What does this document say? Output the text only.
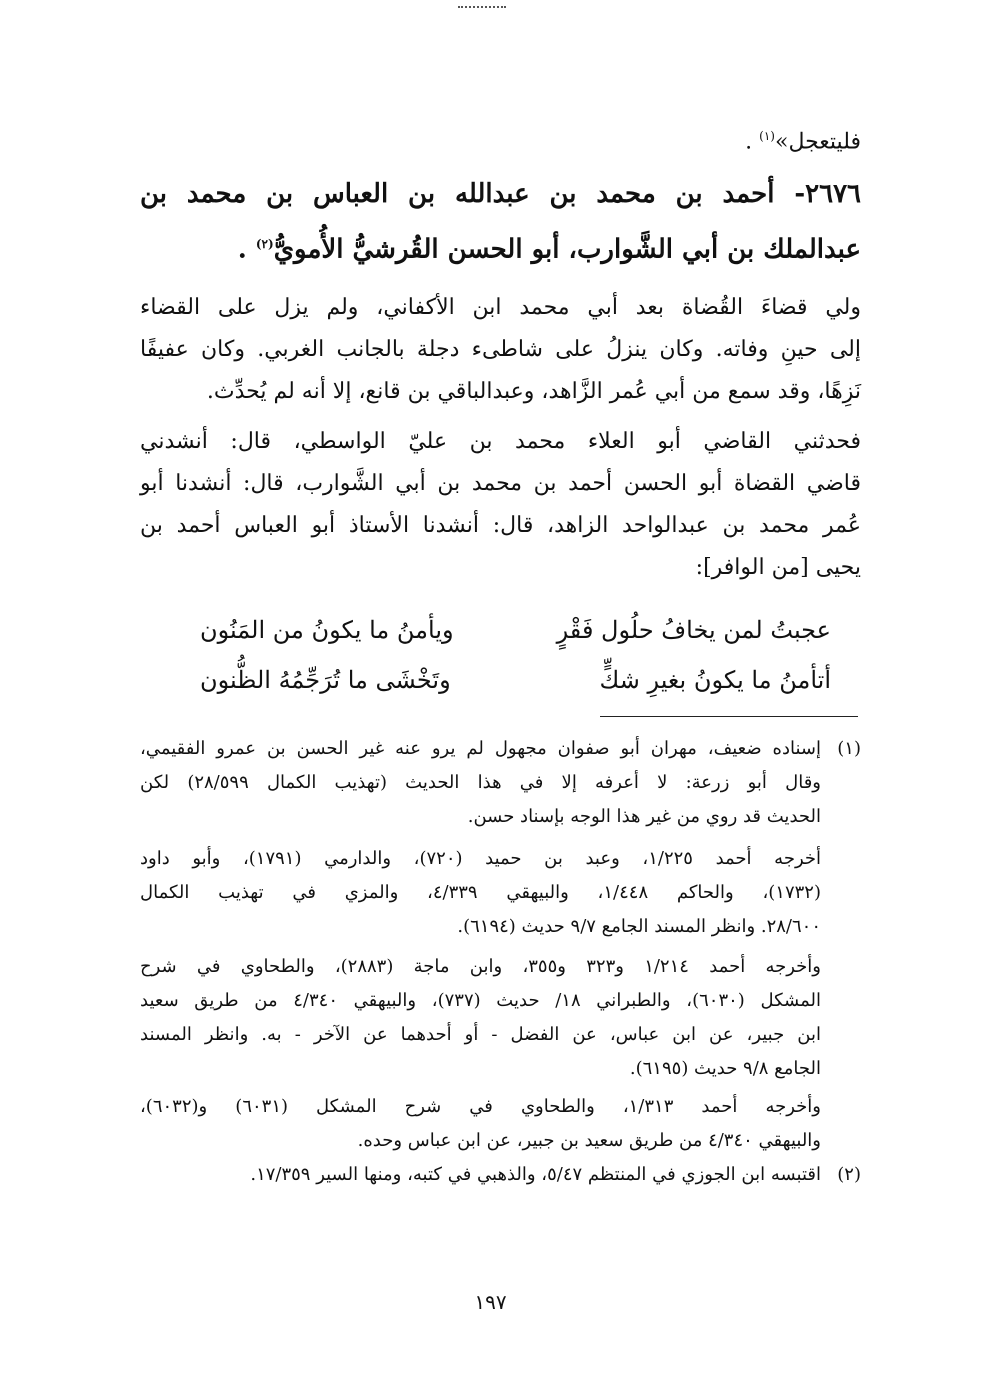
فليتعجل»$^{(١)}$ .
٢٦٧٦- أحمد بن محمد بن عبدالله بن العباس بن محمد بن
عبدالملك بن أبي الشَّوارب، أبو الحسن القُرشيُّ الأُمويُّ$^{(٢)}$ .
ولي قضاءَ القُضاة بعد أبي محمد ابن الأكفاني، ولم يزل على القضاء
إلى حينِ وفاته. وكان ينزلُ على شاطىء دجلة بالجانب الغربي. وكان عفيفًا
نَزِهًا، وقد سمع من أبي عُمر الزَّاهد، وعبدالباقي بن قانع، إلا أنه لم يُحدِّث.
فحدثني القاضي أبو العلاء محمد بن عليّ الواسطي، قال: أنشدني
قاضي القضاة أبو الحسن أحمد بن محمد بن أبي الشَّوارب، قال: أنشدنا أبو
عُمر محمد بن عبدالواحد الزاهد، قال: أنشدنا الأستاذ أبو العباس أحمد بن
يحيى [من الوافر]:
عجبتُ لمن يخافُ حلُول فَقْرٍ
ويأمنُ ما يكونُ من المَنُون
أتأمنُ ما يكونُ بغيرِ شكٍّ
وتَخْشَى ما تُرَجِّمُهُ الظُّنون
(١)
إسناده ضعيف، مهران أبو صفوان مجهول لم يرو عنه غير الحسن بن عمرو الفقيمي،
وقال أبو زرعة: لا أعرفه إلا في هذا الحديث (تهذيب الكمال ٢٨/٥٩٩) لكن
الحديث قد روي من غير هذا الوجه بإسناد حسن.
أخرجه أحمد ١/٢٢٥، وعبد بن حميد (٧٢٠)، والدارمي (١٧٩١)، وأبو داود
(١٧٣٢)، والحاكم ١/٤٤٨، والبيهقي ٤/٣٣٩، والمزي في تهذيب الكمال
٢٨/٦٠٠. وانظر المسند الجامع ٩/٧ حديث (٦١٩٤).
وأخرجه أحمد ١/٢١٤ و٣٢٣ و٣٥٥، وابن ماجة (٢٨٨٣)، والطحاوي في شرح
المشكل (٦٠٣٠)، والطبراني ١٨/ حديث (٧٣٧)، والبيهقي ٤/٣٤٠ من طريق سعيد
ابن جبير، عن ابن عباس، عن الفضل - أو أحدهما عن الآخر - به. وانظر المسند
الجامع ٩/٨ حديث (٦١٩٥).
وأخرجه أحمد ١/٣١٣، والطحاوي في شرح المشكل (٦٠٣١) و(٦٠٣٢)،
والبيهقي ٤/٣٤٠ من طريق سعيد بن جبير، عن ابن عباس وحده.
(٢)
اقتبسه ابن الجوزي في المنتظم ٥/٤٧، والذهبي في كتبه، ومنها السير ١٧/٣٥٩.
١٩٧
